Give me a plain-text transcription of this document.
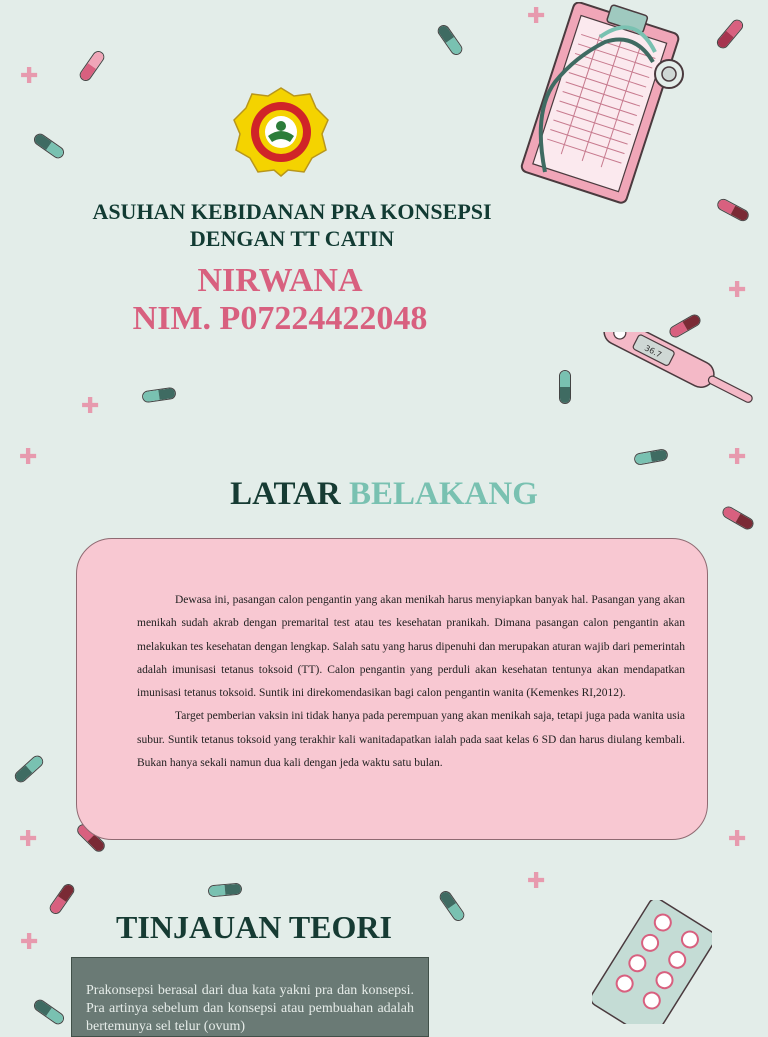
✚
✚
✚
✚
✚	✚
✚	✚
✚
✚
36.7
ASUHAN KEBIDANAN PRA KONSEPSI
DENGAN TT CATIN
NIRWANA
NIM. P07224422048
LATAR BELAKANG

Dewasa ini, pasangan calon pengantin yang akan menikah harus menyiapkan banyak hal. Pasangan yang akan menikah sudah akrab dengan premarital test atau tes kesehatan pranikah. Dimana pasangan calon pengantin akan melakukan tes kesehatan dengan lengkap. Salah satu yang harus dipenuhi dan merupakan aturan wajib dari pemerintah adalah imunisasi tetanus toksoid (TT). Calon pengantin yang perduli akan kesehatan tentunya akan mendapatkan imunisasi tetanus toksoid. Suntik ini direkomendasikan bagi calon pengantin wanita (Kemenkes RI,2012).

Target pemberian vaksin ini tidak hanya pada perempuan yang akan menikah saja, tetapi juga pada wanita usia subur. Suntik tetanus toksoid yang terakhir kali wanitadapatkan ialah pada saat kelas 6 SD dan harus diulang kembali. Bukan hanya sekali namun dua kali dengan jeda waktu satu bulan.

TINJAUAN TEORI
Prakonsepsi berasal dari dua kata yakni pra dan konsepsi. Pra artinya sebelum dan konsepsi atau pembuahan adalah bertemunya sel telur (ovum)
